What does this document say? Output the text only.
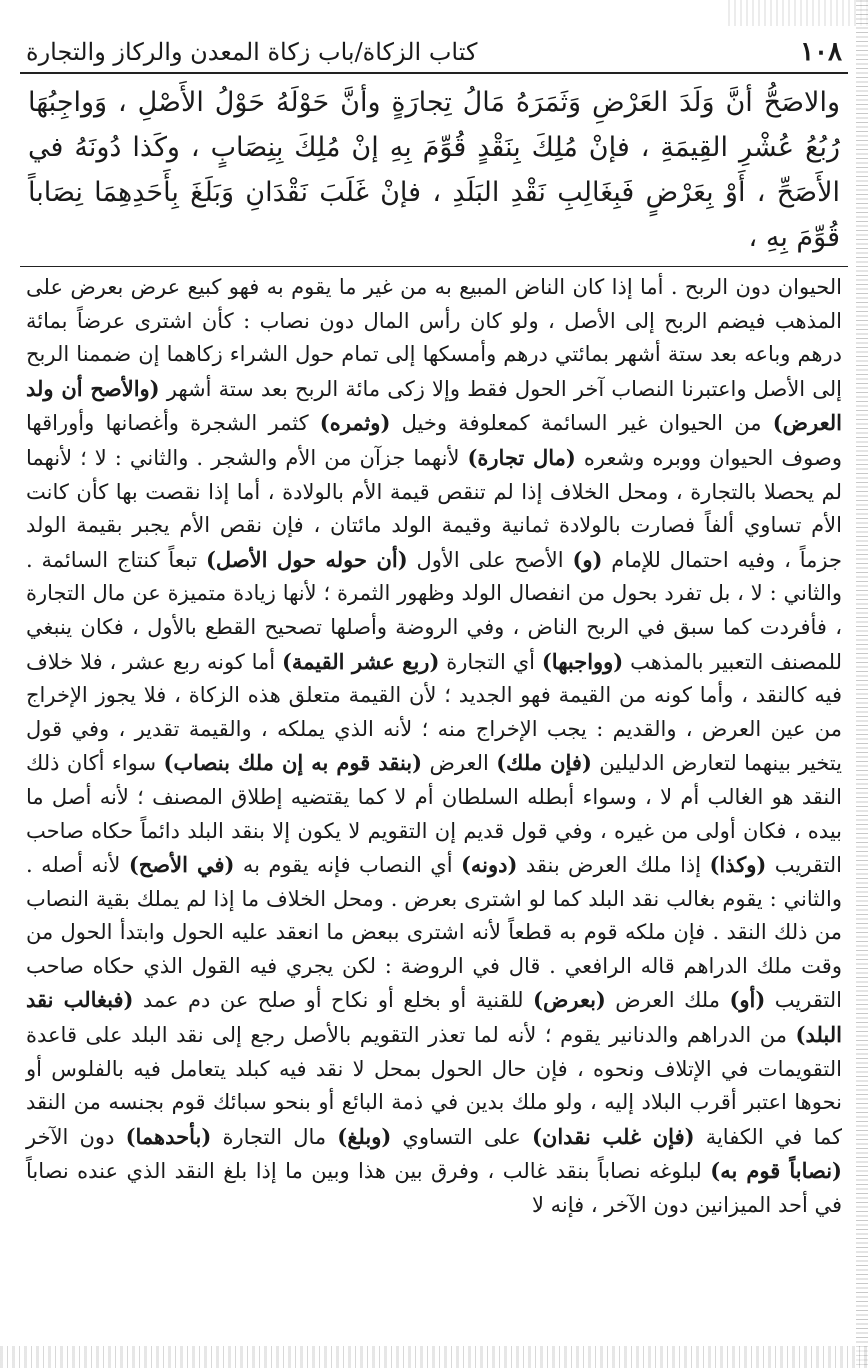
١٠٨
كتاب الزكاة/باب زكاة المعدن والركاز والتجارة
والاصَحُّ أنَّ وَلَدَ العَرْضِ وَثَمَرَهُ مَالُ تِجارَةٍ وأنَّ حَوْلَهُ حَوْلُ الأَصْلِ ، وَواجِبُهَا رُبُعُ عُشْرِ القِيمَةِ ، فإنْ مُلِكَ بِنَقْدٍ قُوِّمَ بِهِ إنْ مُلِكَ بِنِصَابٍ ، وكَذا دُونَهُ في الأَصَحِّ ، أَوْ بِعَرْضٍ فَبِغَالِبِ نَقْدِ البَلَدِ ، فإنْ غَلَبَ نَقْدَانِ وَبَلَغَ بِأَحَدِهِمَا نِصَاباً قُوِّمَ بِهِ ،
الحيوان دون الربح . أما إذا كان الناض المبيع به من غير ما يقوم به فهو كبيع عرض بعرض على المذهب فيضم الربح إلى الأصل ، ولو كان رأس المال دون نصاب : كأن اشترى عرضاً بمائة درهم وباعه بعد ستة أشهر بمائتي درهم وأمسكها إلى تمام حول الشراء زكاهما إن ضممنا الربح إلى الأصل واعتبرنا النصاب آخر الحول فقط وإلا زكى مائة الربح بعد ستة أشهر (والأصح أن ولد العرض) من الحيوان غير السائمة كمعلوفة وخيل (وثمره) كثمر الشجرة وأغصانها وأوراقها وصوف الحيوان ووبره وشعره (مال تجارة) لأنهما جزآن من الأم والشجر . والثاني : لا ؛ لأنهما لم يحصلا بالتجارة ، ومحل الخلاف إذا لم تنقص قيمة الأم بالولادة ، أما إذا نقصت بها كأن كانت الأم تساوي ألفاً فصارت بالولادة ثمانية وقيمة الولد مائتان ، فإن نقص الأم يجبر بقيمة الولد جزماً ، وفيه احتمال للإمام (و) الأصح على الأول (أن حوله حول الأصل) تبعاً كنتاج السائمة . والثاني : لا ، بل تفرد بحول من انفصال الولد وظهور الثمرة ؛ لأنها زيادة متميزة عن مال التجارة ، فأفردت كما سبق في الربح الناض ، وفي الروضة وأصلها تصحيح القطع بالأول ، فكان ينبغي للمصنف التعبير بالمذهب (وواجبها) أي التجارة (ربع عشر القيمة) أما كونه ربع عشر ، فلا خلاف فيه كالنقد ، وأما كونه من القيمة فهو الجديد ؛ لأن القيمة متعلق هذه الزكاة ، فلا يجوز الإخراج من عين العرض ، والقديم : يجب الإخراج منه ؛ لأنه الذي يملكه ، والقيمة تقدير ، وفي قول يتخير بينهما لتعارض الدليلين (فإن ملك) العرض (بنقد قوم به إن ملك بنصاب) سواء أكان ذلك النقد هو الغالب أم لا ، وسواء أبطله السلطان أم لا كما يقتضيه إطلاق المصنف ؛ لأنه أصل ما بيده ، فكان أولى من غيره ، وفي قول قديم إن التقويم لا يكون إلا بنقد البلد دائماً حكاه صاحب التقريب (وكذا) إذا ملك العرض بنقد (دونه) أي النصاب فإنه يقوم به (في الأصح) لأنه أصله . والثاني : يقوم بغالب نقد البلد كما لو اشترى بعرض . ومحل الخلاف ما إذا لم يملك بقية النصاب من ذلك النقد . فإن ملكه قوم به قطعاً لأنه اشترى ببعض ما انعقد عليه الحول وابتدأ الحول من وقت ملك الدراهم قاله الرافعي . قال في الروضة : لكن يجري فيه القول الذي حكاه صاحب التقريب (أو) ملك العرض (بعرض) للقنية أو بخلع أو نكاح أو صلح عن دم عمد (فبغالب نقد البلد) من الدراهم والدنانير يقوم ؛ لأنه لما تعذر التقويم بالأصل رجع إلى نقد البلد على قاعدة التقويمات في الإتلاف ونحوه ، فإن حال الحول بمحل لا نقد فيه كبلد يتعامل فيه بالفلوس أو نحوها اعتبر أقرب البلاد إليه ، ولو ملك بدين في ذمة البائع أو بنحو سبائك قوم بجنسه من النقد كما في الكفاية (فإن غلب نقدان) على التساوي (وبلغ) مال التجارة (بأحدهما) دون الآخر (نصاباً قوم به) لبلوغه نصاباً بنقد غالب ، وفرق بين هذا وبين ما إذا بلغ النقد الذي عنده نصاباً في أحد الميزانين دون الآخر ، فإنه لا
